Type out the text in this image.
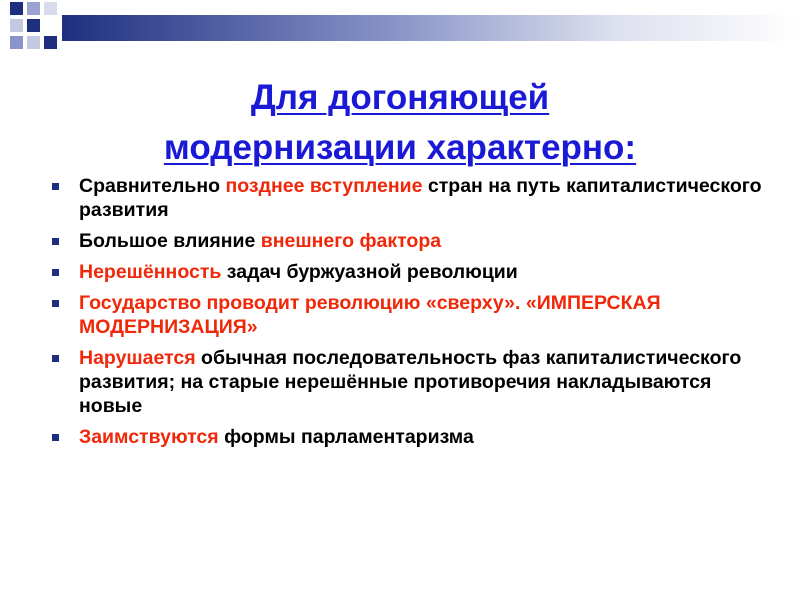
Для догоняющей
модернизации характерно:
Сравнительно позднее вступление стран на путь капиталистического развития
Большое влияние внешнего фактора
Нерешённость задач буржуазной революции
Государство проводит революцию «сверху». «ИМПЕРСКАЯ МОДЕРНИЗАЦИЯ»
Нарушается обычная последовательность фаз капиталистического развития; на старые нерешённые противоречия накладываются новые
Заимствуются формы парламентаризма
